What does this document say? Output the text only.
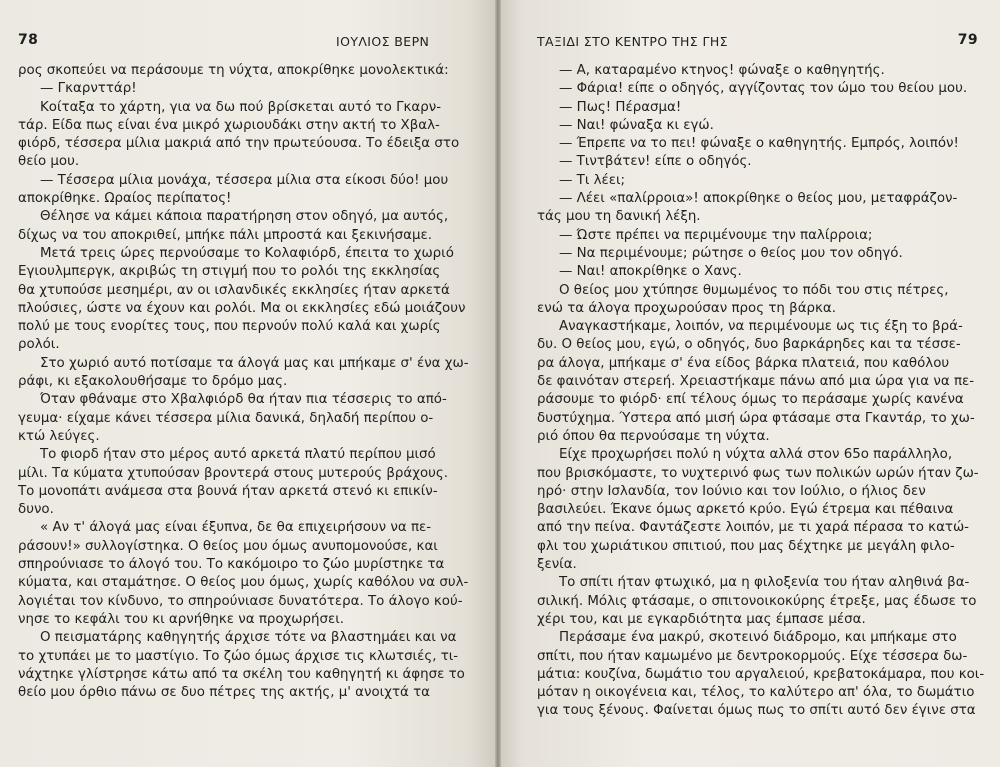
78	ΙΟΥΛΙΟΣ ΒΕΡΝ

ρος σκοπεύει να περάσουμε τη νύχτα, αποκρίθηκε μονολεκτικά:

— Γκαρνττάρ!

Κοίταξα το χάρτη, για να δω πού βρίσκεται αυτό το Γκαρν-

τάρ. Είδα πως είναι ένα μικρό χωριουδάκι στην ακτή το Χβαλ-

φιόρδ, τέσσερα μίλια μακριά από την πρωτεύουσα. Το έδειξα στο

θείο μου.

— Τέσσερα μίλια μονάχα, τέσσερα μίλια στα είκοσι δύο! μου

αποκρίθηκε. Ωραίος περίπατος!

Θέλησε να κάμει κάποια παρατήρηση στον οδηγό, μα αυτός,

δίχως να του αποκριθεί, μπήκε πάλι μπροστά και ξεκινήσαμε.

Μετά τρεις ώρες περνούσαμε το Κολαφιόρδ, έπειτα το χωριό

Εγιουλμπεργκ, ακριβώς τη στιγμή που το ρολόι της εκκλησίας

θα χτυπούσε μεσημέρι, αν οι ισλανδικές εκκλησίες ήταν αρκετά

πλούσιες, ώστε να έχουν και ρολόι. Μα οι εκκλησίες εδώ μοιάζουν

πολύ με τους ενορίτες τους, που περνούν πολύ καλά και χωρίς

ρολόι.

Στο χωριό αυτό ποτίσαμε τα άλογά μας και μπήκαμε σ' ένα χω-

ράφι, κι εξακολουθήσαμε το δρόμο μας.

Όταν φθάναμε στο Χβαλφιόρδ θα ήταν πια τέσσερις το από-

γευμα· είχαμε κάνει τέσσερα μίλια δανικά, δηλαδή περίπου ο-

κτώ λεύγες.

Το φιορδ ήταν στο μέρος αυτό αρκετά πλατύ περίπου μισό

μίλι. Τα κύματα χτυπούσαν βροντερά στους μυτερούς βράχους.

Το μονοπάτι ανάμεσα στα βουνά ήταν αρκετά στενό κι επικίν-

δυνο.

« Αν τ' άλογά μας είναι έξυπνα, δε θα επιχειρήσουν να πε-

ράσουν!» συλλογίστηκα. Ο θείος μου όμως ανυπομονούσε, και

σπηρούνιασε το άλογό του. Το κακόμοιρο το ζώο μυρίστηκε τα

κύματα, και σταμάτησε. Ο θείος μου όμως, χωρίς καθόλου να συλ-

λογιέται τον κίνδυνο, το σπηρούνιασε δυνατότερα. Το άλογο κού-

νησε το κεφάλι του κι αρνήθηκε να προχωρήσει.

Ο πεισματάρης καθηγητής άρχισε τότε να βλαστημάει και να

το χτυπάει με το μαστίγιο. Το ζώο όμως άρχισε τις κλωτσιές, τι-

νάχτηκε γλίστρησε κάτω από τα σκέλη του καθηγητή κι άφησε το

θείο μου όρθιο πάνω σε δυο πέτρες της ακτής, μ' ανοιχτά τα

ΤΑΞΙΔΙ ΣΤΟ ΚΕΝΤΡΟ ΤΗΣ ΓΗΣ	79

— Α, καταραμένο κτηνος! φώναξε ο καθηγητής.

— Φάρια! είπε ο οδηγός, αγγίζοντας τον ώμο του θείου μου.

— Πως! Πέρασμα!

— Ναι! φώναξα κι εγώ.

— Έπρεπε να το πει! φώναξε ο καθηγητής. Εμπρός, λοιπόν!

— Τιντβάτεν! είπε ο οδηγός.

— Τι λέει;

— Λέει «παλίρροια»! αποκρίθηκε ο θείος μου, μεταφράζον-

τάς μου τη δανική λέξη.

— Ώστε πρέπει να περιμένουμε την παλίρροια;

— Να περιμένουμε; ρώτησε ο θείος μου τον οδηγό.

— Ναι! αποκρίθηκε ο Χανς.

Ο θείος μου χτύπησε θυμωμένος το πόδι του στις πέτρες,

ενώ τα άλογα προχωρούσαν προς τη βάρκα.

Αναγκαστήκαμε, λοιπόν, να περιμένουμε ως τις έξη το βρά-

δυ. Ο θείος μου, εγώ, ο οδηγός, δυο βαρκάρηδες και τα τέσσε-

ρα άλογα, μπήκαμε σ' ένα είδος βάρκα πλατειά, που καθόλου

δε φαινόταν στερεή. Χρειαστήκαμε πάνω από μια ώρα για να πε-

ράσουμε το φιόρδ· επί τέλους όμως το περάσαμε χωρίς κανένα

δυστύχημα. Ύστερα από μισή ώρα φτάσαμε στα Γκαντάρ, το χω-

ριό όπου θα περνούσαμε τη νύχτα.

Είχε προχωρήσει πολύ η νύχτα αλλά στον 65ο παράλληλο,

που βρισκόμαστε, το νυχτερινό φως των πολικών ωρών ήταν ζω-

ηρό· στην Ισλανδία, τον Ιούνιο και τον Ιούλιο, ο ήλιος δεν

βασιλεύει. Έκανε όμως αρκετό κρύο. Εγώ έτρεμα και πέθαινα

από την πείνα. Φαντάζεστε λοιπόν, με τι χαρά πέρασα το κατώ-

φλι του χωριάτικου σπιτιού, που μας δέχτηκε με μεγάλη φιλο-

ξενία.

Το σπίτι ήταν φτωχικό, μα η φιλοξενία του ήταν αληθινά βα-

σιλική. Μόλις φτάσαμε, ο σπιτονοικοκύρης έτρεξε, μας έδωσε το

χέρι του, και με εγκαρδιότητα μας έμπασε μέσα.

Περάσαμε ένα μακρύ, σκοτεινό διάδρομο, και μπήκαμε στο

σπίτι, που ήταν καμωμένο με δεντροκορμούς. Είχε τέσσερα δω-

μάτια: κουζίνα, δωμάτιο του αργαλειού, κρεβατοκάμαρα, που κοι-

μόταν η οικογένεια και, τέλος, το καλύτερο απ' όλα, το δωμάτιο

για τους ξένους. Φαίνεται όμως πως το σπίτι αυτό δεν έγινε στα
